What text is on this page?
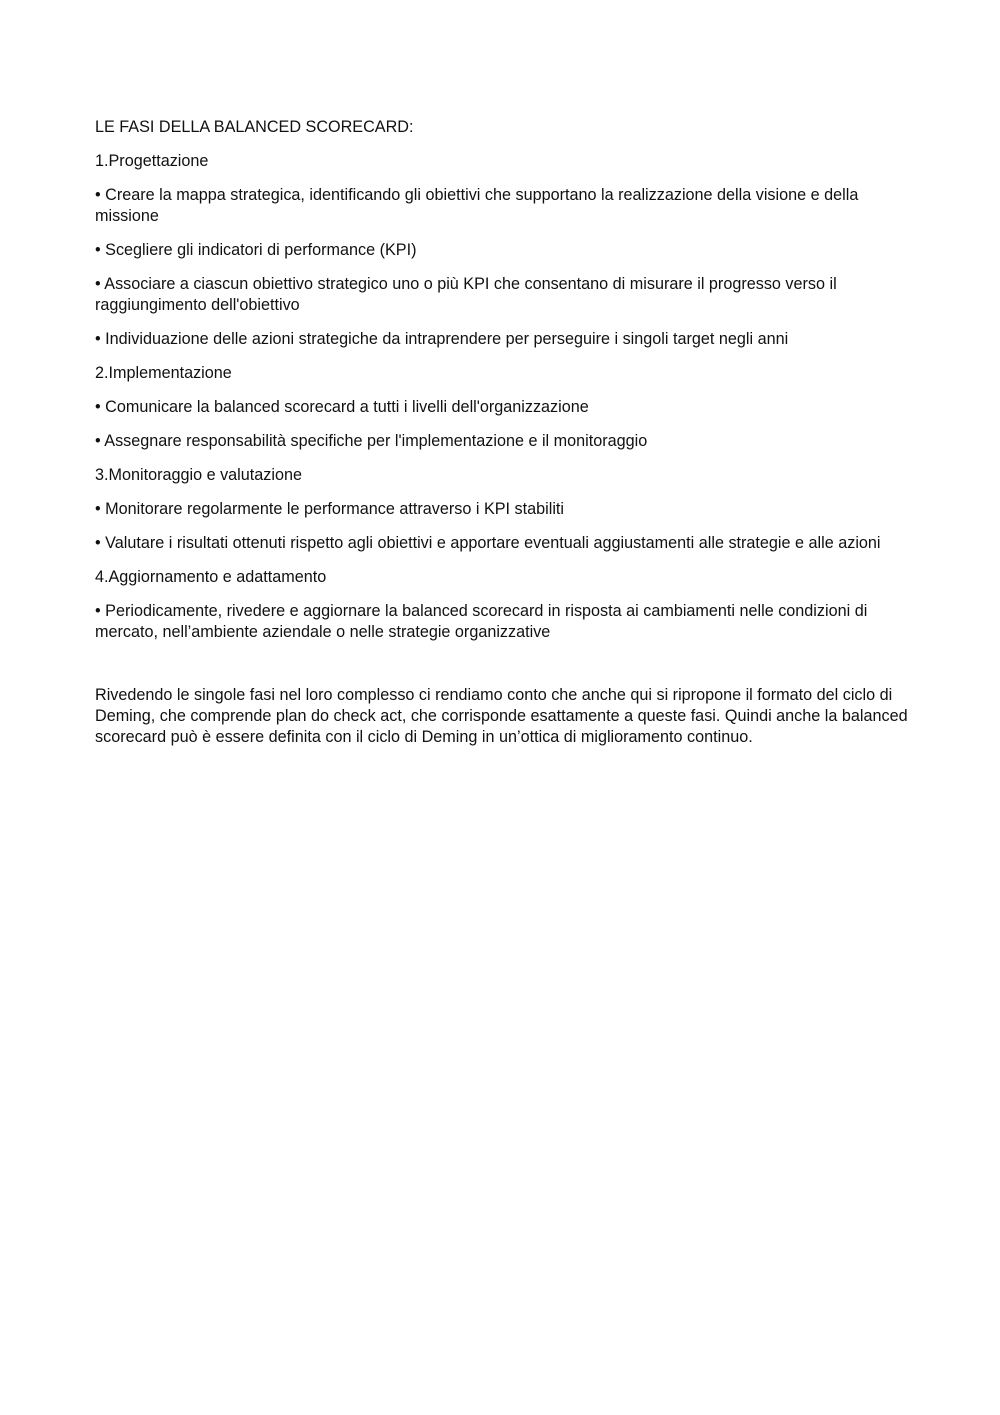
LE FASI DELLA BALANCED SCORECARD:

1.Progettazione

• Creare la mappa strategica, identificando gli obiettivi che supportano la realizzazione della visione e della missione

• Scegliere gli indicatori di performance (KPI)

• Associare a ciascun obiettivo strategico uno o più KPI che consentano di misurare il progresso verso il raggiungimento dell'obiettivo

• Individuazione delle azioni strategiche da intraprendere per perseguire i singoli target negli anni

2.Implementazione

• Comunicare la balanced scorecard a tutti i livelli dell'organizzazione

• Assegnare responsabilità specifiche per l'implementazione e il monitoraggio

3.Monitoraggio e valutazione

• Monitorare regolarmente le performance attraverso i KPI stabiliti

• Valutare i risultati ottenuti rispetto agli obiettivi e apportare eventuali aggiustamenti alle strategie e alle azioni

4.Aggiornamento e adattamento

• Periodicamente, rivedere e aggiornare la balanced scorecard in risposta ai cambiamenti nelle condizioni di mercato, nell’ambiente aziendale o nelle strategie organizzative

Rivedendo le singole fasi nel loro complesso ci rendiamo conto che anche qui si ripropone il formato del ciclo di Deming, che comprende plan do check act, che corrisponde esattamente a queste fasi. Quindi anche la balanced scorecard può è essere definita con il ciclo di Deming in un’ottica di miglioramento continuo.
